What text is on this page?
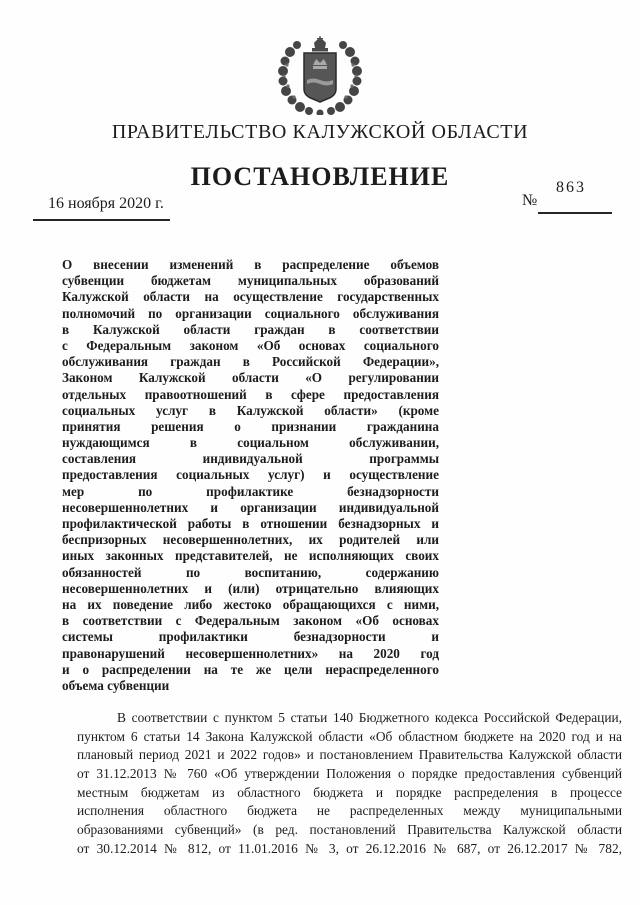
ПРАВИТЕЛЬСТВО КАЛУЖСКОЙ ОБЛАСТИ
ПОСТАНОВЛЕНИЕ
16 ноября 2020 г.	№
863
О внесении изменений в распределение объемов
субвенции бюджетам муниципальных образований
Калужской области на осуществление государственных
полномочий по организации социального обслуживания
в Калужской области граждан в соответствии
с Федеральным законом «Об основах социального
обслуживания граждан в Российской Федерации»,
Законом Калужской области «О регулировании
отдельных правоотношений в сфере предоставления
социальных услуг в Калужской области» (кроме
принятия решения о признании гражданина
нуждающимся в социальном обслуживании,
составления индивидуальной программы
предоставления социальных услуг) и осуществление
мер по профилактике безнадзорности
несовершеннолетних и организации индивидуальной
профилактической работы в отношении безнадзорных и
беспризорных несовершеннолетних, их родителей или
иных законных представителей, не исполняющих своих
обязанностей по воспитанию, содержанию
несовершеннолетних и (или) отрицательно влияющих
на их поведение либо жестоко обращающихся с ними,
в соответствии с Федеральным законом «Об основах
системы профилактики безнадзорности и
правонарушений несовершеннолетних» на 2020 год
и о распределении на те же цели нераспределенного
объема субвенции
В соответствии с пунктом 5 статьи 140 Бюджетного кодекса Российской Федерации,
пунктом 6 статьи 14 Закона Калужской области «Об областном бюджете на 2020 год и на
плановый период 2021 и 2022 годов» и постановлением Правительства Калужской области
от 31.12.2013 № 760 «Об утверждении Положения о порядке предоставления субвенций
местным бюджетам из областного бюджета и порядке распределения в процессе
исполнения областного бюджета не распределенных между муниципальными
образованиями субвенций» (в ред. постановлений Правительства Калужской области
от 30.12.2014 № 812, от 11.01.2016 № 3, от 26.12.2016 № 687, от 26.12.2017 № 782,
